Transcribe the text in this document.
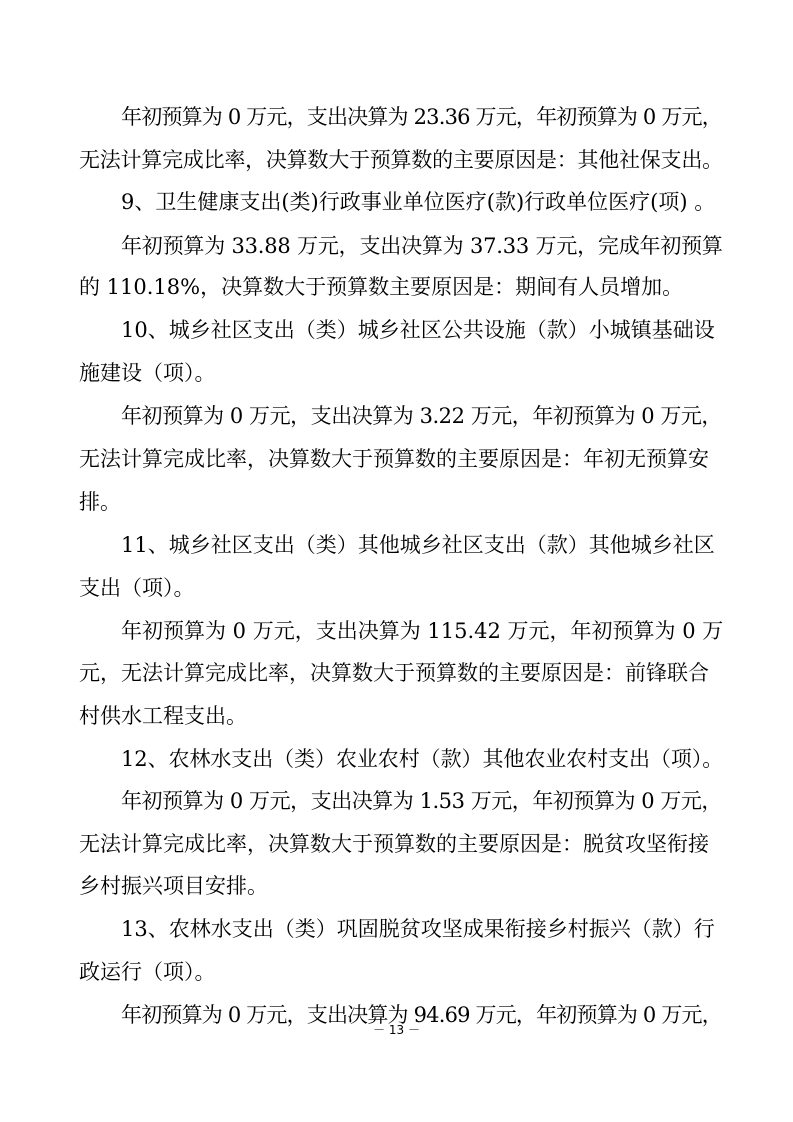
年初预算为 0 万元，支出决算为 23.36 万元，年初预算为 0 万元，
无法计算完成比率，决算数大于预算数的主要原因是：其他社保支出。
9、卫生健康支出(类)行政事业单位医疗(款)行政单位医疗(项) 。
年初预算为 33.88 万元，支出决算为 37.33 万元，完成年初预算
的 110.18%，决算数大于预算数主要原因是：期间有人员增加。
10、城乡社区支出（类）城乡社区公共设施（款）小城镇基础设
施建设（项）。
年初预算为 0 万元，支出决算为 3.22 万元，年初预算为 0 万元，
无法计算完成比率，决算数大于预算数的主要原因是：年初无预算安
排。
11、城乡社区支出（类）其他城乡社区支出（款）其他城乡社区
支出（项）。
年初预算为 0 万元，支出决算为 115.42 万元，年初预算为 0 万
元，无法计算完成比率，决算数大于预算数的主要原因是：前锋联合
村供水工程支出。
12、农林水支出（类）农业农村（款）其他农业农村支出（项）。
年初预算为 0 万元，支出决算为 1.53 万元，年初预算为 0 万元，
无法计算完成比率，决算数大于预算数的主要原因是：脱贫攻坚衔接
乡村振兴项目安排。
13、农林水支出（类）巩固脱贫攻坚成果衔接乡村振兴（款）行
政运行（项）。
年初预算为 0 万元，支出决算为 94.69 万元，年初预算为 0 万元，
－ 13 －
